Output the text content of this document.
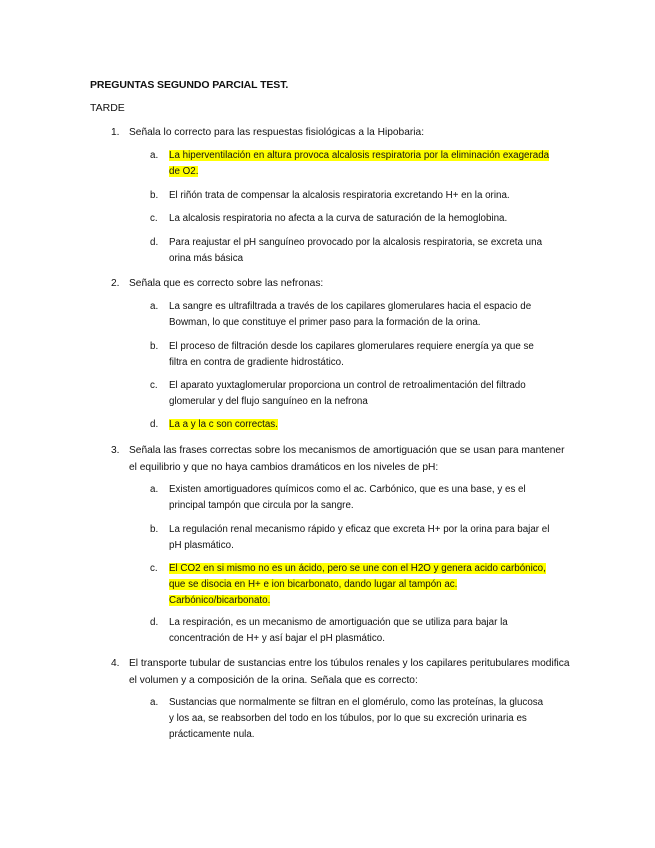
PREGUNTAS SEGUNDO PARCIAL TEST.
TARDE
1. Señala lo correcto para las respuestas fisiológicas a la Hipobaria:
a. La hiperventilación en altura provoca alcalosis respiratoria por la eliminación exagerada de O2.
b. El riñón trata de compensar la alcalosis respiratoria excretando H+ en la orina.
c. La alcalosis respiratoria no afecta a la curva de saturación de la hemoglobina.
d. Para reajustar el pH sanguíneo provocado por la alcalosis respiratoria, se excreta una orina más básica
2. Señala que es correcto sobre las nefronas:
a. La sangre es ultrafiltrada a través de los capilares glomerulares hacia el espacio de Bowman, lo que constituye el primer paso para la formación de la orina.
b. El proceso de filtración desde los capilares glomerulares requiere energía ya que se filtra en contra de gradiente hidrostático.
c. El aparato yuxtaglomerular proporciona un control de retroalimentación del filtrado glomerular y del flujo sanguíneo en la nefrona
d. La a y la c son correctas.
3. Señala las frases correctas sobre los mecanismos de amortiguación que se usan para mantener el equilibrio y que no haya cambios dramáticos en los niveles de pH:
a. Existen amortiguadores químicos como el ac. Carbónico, que es una base, y es el principal tampón que circula por la sangre.
b. La regulación renal mecanismo rápido y eficaz que excreta H+ por la orina para bajar el pH plasmático.
c. El CO2 en si mismo no es un ácido, pero se une con el H2O y genera acido carbónico, que se disocia en H+ e ion bicarbonato, dando lugar al tampón ac. Carbónico/bicarbonato.
d. La respiración, es un mecanismo de amortiguación que se utiliza para bajar la concentración de H+ y así bajar el pH plasmático.
4. El transporte tubular de sustancias entre los túbulos renales y los capilares peritubulares modifica el volumen y a composición de la orina. Señala que es correcto:
a. Sustancias que normalmente se filtran en el glomérulo, como las proteínas, la glucosa y los aa, se reabsorben del todo en los túbulos, por lo que su excreción urinaria es prácticamente nula.
